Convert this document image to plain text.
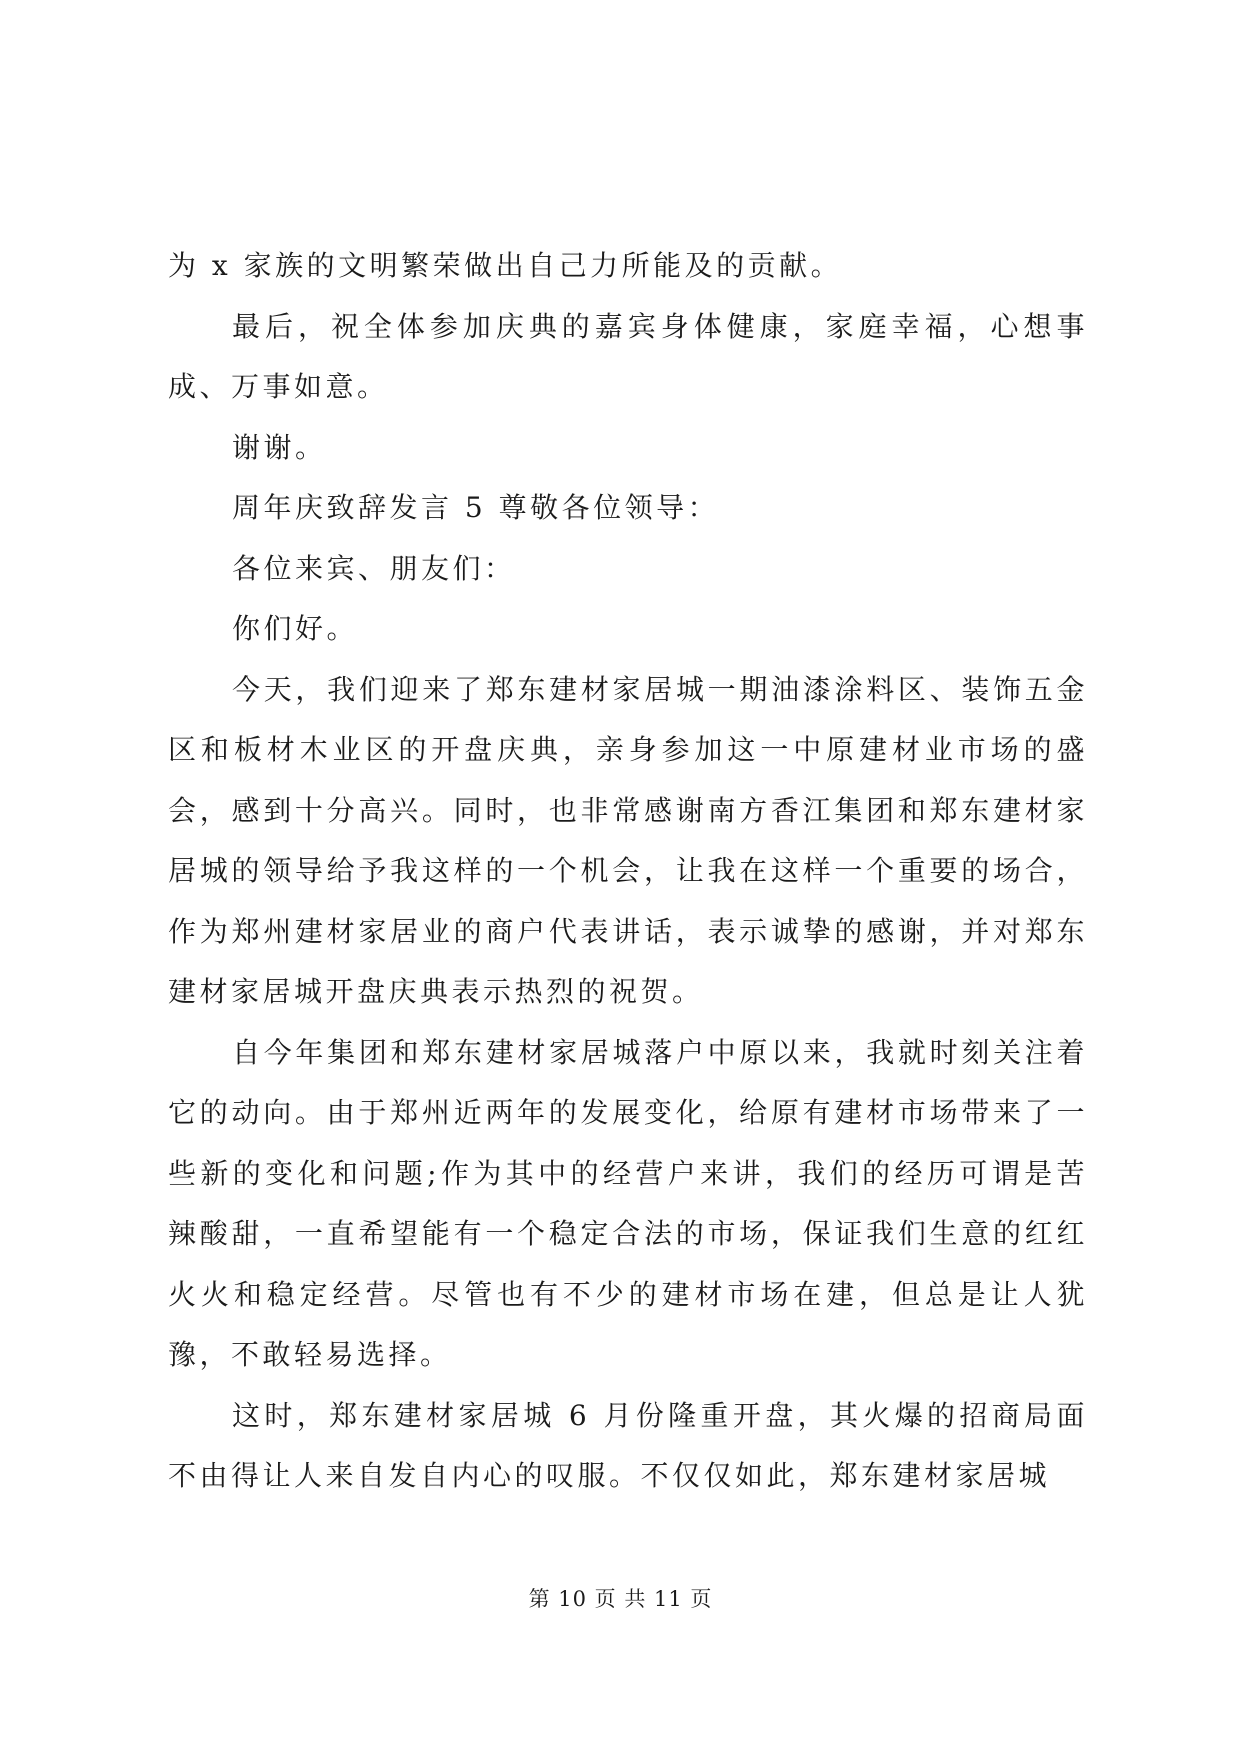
为 x 家族的文明繁荣做出自己力所能及的贡献。

最后，祝全体参加庆典的嘉宾身体健康，家庭幸福，心想事成、万事如意。

谢谢。

周年庆致辞发言 5 尊敬各位领导：

各位来宾、朋友们：

你们好。

今天，我们迎来了郑东建材家居城一期油漆涂料区、装饰五金区和板材木业区的开盘庆典，亲身参加这一中原建材业市场的盛会，感到十分高兴。同时，也非常感谢南方香江集团和郑东建材家居城的领导给予我这样的一个机会，让我在这样一个重要的场合，作为郑州建材家居业的商户代表讲话，表示诚挚的感谢，并对郑东建材家居城开盘庆典表示热烈的祝贺。

自今年集团和郑东建材家居城落户中原以来，我就时刻关注着它的动向。由于郑州近两年的发展变化，给原有建材市场带来了一些新的变化和问题;作为其中的经营户来讲，我们的经历可谓是苦辣酸甜，一直希望能有一个稳定合法的市场，保证我们生意的红红火火和稳定经营。尽管也有不少的建材市场在建，但总是让人犹豫，不敢轻易选择。

这时，郑东建材家居城 6 月份隆重开盘，其火爆的招商局面不由得让人来自发自内心的叹服。不仅仅如此，郑东建材家居城

第 10 页 共 11 页
